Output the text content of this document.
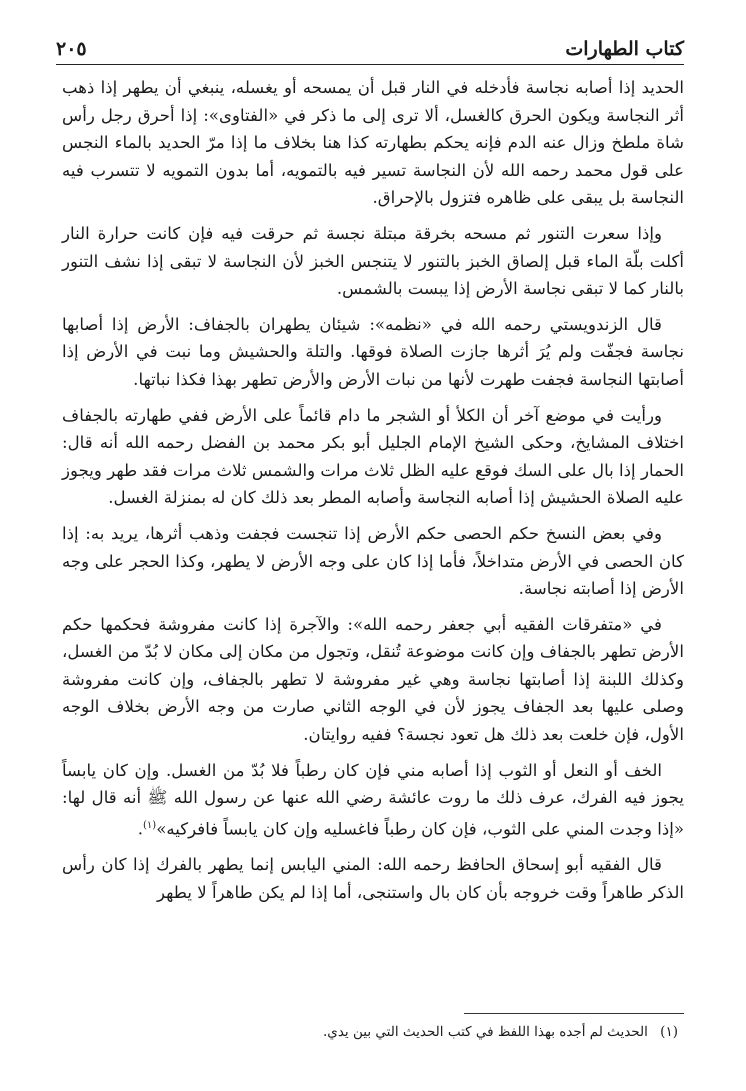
كتاب الطهارات
٢٠٥

الحديد إذا أصابه نجاسة فأدخله في النار قبل أن يمسحه أو يغسله، ينبغي أن يطهر إذا ذهب أثر النجاسة ويكون الحرق كالغسل، ألا ترى إلى ما ذكر في «الفتاوى»: إذا أحرق رجل رأس شاة ملطخ وزال عنه الدم فإنه يحكم بطهارته كذا هنا بخلاف ما إذا مرّ الحديد بالماء النجس على قول محمد رحمه الله لأن النجاسة تسير فيه بالتمويه، أما بدون التمويه لا تتسرب فيه النجاسة بل يبقى على ظاهره فتزول بالإحراق.

وإذا سعرت التنور ثم مسحه بخرقة مبتلة نجسة ثم حرقت فيه فإن كانت حرارة النار أكلت بلّة الماء قبل إلصاق الخبز بالتنور لا يتنجس الخبز لأن النجاسة لا تبقى إذا نشف التنور بالنار كما لا تبقى نجاسة الأرض إذا يبست بالشمس.

قال الزندويستي رحمه الله في «نظمه»: شيئان يطهران بالجفاف: الأرض إذا أصابها نجاسة فجفّت ولم يُرَ أثرها جازت الصلاة فوقها. والتلة والحشيش وما نبت في الأرض إذا أصابتها النجاسة فجفت طهرت لأنها من نبات الأرض والأرض تطهر بهذا فكذا نباتها.

ورأيت في موضع آخر أن الكلأ أو الشجر ما دام قائماً على الأرض ففي طهارته بالجفاف اختلاف المشايخ، وحكى الشيخ الإمام الجليل أبو بكر محمد بن الفضل رحمه الله أنه قال: الحمار إذا بال على السك فوقع عليه الظل ثلاث مرات والشمس ثلاث مرات فقد طهر ويجوز عليه الصلاة الحشيش إذا أصابه النجاسة وأصابه المطر بعد ذلك كان له بمنزلة الغسل.

وفي بعض النسخ حكم الحصى حكم الأرض إذا تنجست فجفت وذهب أثرها، يريد به: إذا كان الحصى في الأرض متداخلاً، فأما إذا كان على وجه الأرض لا يطهر، وكذا الحجر على وجه الأرض إذا أصابته نجاسة.

في «متفرقات الفقيه أبي جعفر رحمه الله»: والآجرة إذا كانت مفروشة فحكمها حكم الأرض تطهر بالجفاف وإن كانت موضوعة تُنقل، وتجول من مكان إلى مكان لا بُدّ من الغسل، وكذلك اللبنة إذا أصابتها نجاسة وهي غير مفروشة لا تطهر بالجفاف، وإن كانت مفروشة وصلى عليها بعد الجفاف يجوز لأن في الوجه الثاني صارت من وجه الأرض بخلاف الوجه الأول، فإن خلعت بعد ذلك هل تعود نجسة؟ ففيه روايتان.

الخف أو النعل أو الثوب إذا أصابه مني فإن كان رطباً فلا بُدّ من الغسل. وإن كان يابساً يجوز فيه الفرك، عرف ذلك ما روت عائشة رضي الله عنها عن رسول الله ﷺ أنه قال لها: «إذا وجدت المني على الثوب، فإن كان رطباً فاغسليه وإن كان يابساً فافركيه»$^{(١)}$.

قال الفقيه أبو إسحاق الحافظ رحمه الله: المني اليابس إنما يطهر بالفرك إذا كان رأس الذكر طاهراً وقت خروجه بأن كان بال واستنجى، أما إذا لم يكن طاهراً لا يطهر

(١) الحديث لم أجده بهذا اللفظ في كتب الحديث التي بين يدي.
